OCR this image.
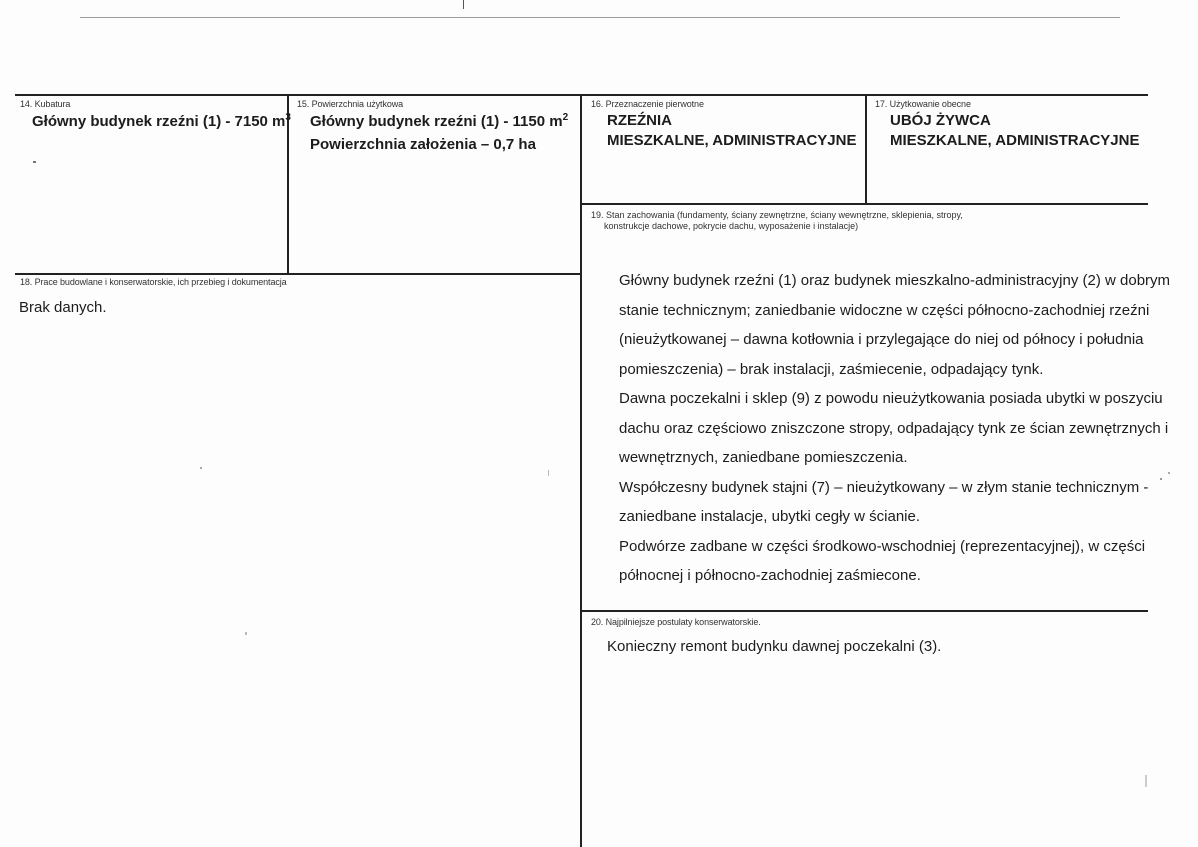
14. Kubatura
Główny budynek rzeźni (1) - 7150 $m^3$
15. Powierzchnia użytkowa
Główny budynek rzeźni (1) - 1150 $m^2$
Powierzchnia założenia – 0,7 ha
16. Przeznaczenie pierwotne
RZEŹNIA
MIESZKALNE, ADMINISTRACYJNE
17. Użytkowanie obecne
UBÓJ ŻYWCA
MIESZKALNE, ADMINISTRACYJNE
18. Prace budowlane i konserwatorskie, ich przebieg i dokumentacja
Brak danych.
19. Stan zachowania (fundamenty, ściany zewnętrzne, ściany wewnętrzne, sklepienia, stropy,
konstrukcje dachowe, pokrycie dachu, wyposażenie i instalacje)
Główny budynek rzeźni (1) oraz budynek mieszkalno-administracyjny (2) w dobrym
stanie technicznym; zaniedbanie widoczne w części północno-zachodniej rzeźni
(nieużytkowanej – dawna kotłownia i przylegające do niej od północy i południa
pomieszczenia) – brak instalacji, zaśmiecenie, odpadający tynk.
Dawna poczekalni i sklep (9) z powodu nieużytkowania posiada ubytki w poszyciu
dachu oraz częściowo zniszczone stropy, odpadający tynk ze ścian zewnętrznych i
wewnętrznych, zaniedbane pomieszczenia.
Współczesny budynek stajni (7) – nieużytkowany – w złym stanie technicznym -
zaniedbane instalacje, ubytki cegły w ścianie.
Podwórze zadbane w części środkowo-wschodniej (reprezentacyjnej), w części
północnej i północno-zachodniej zaśmiecone.
20. Najpilniejsze postulaty konserwatorskie.
Konieczny remont budynku dawnej poczekalni (3).
